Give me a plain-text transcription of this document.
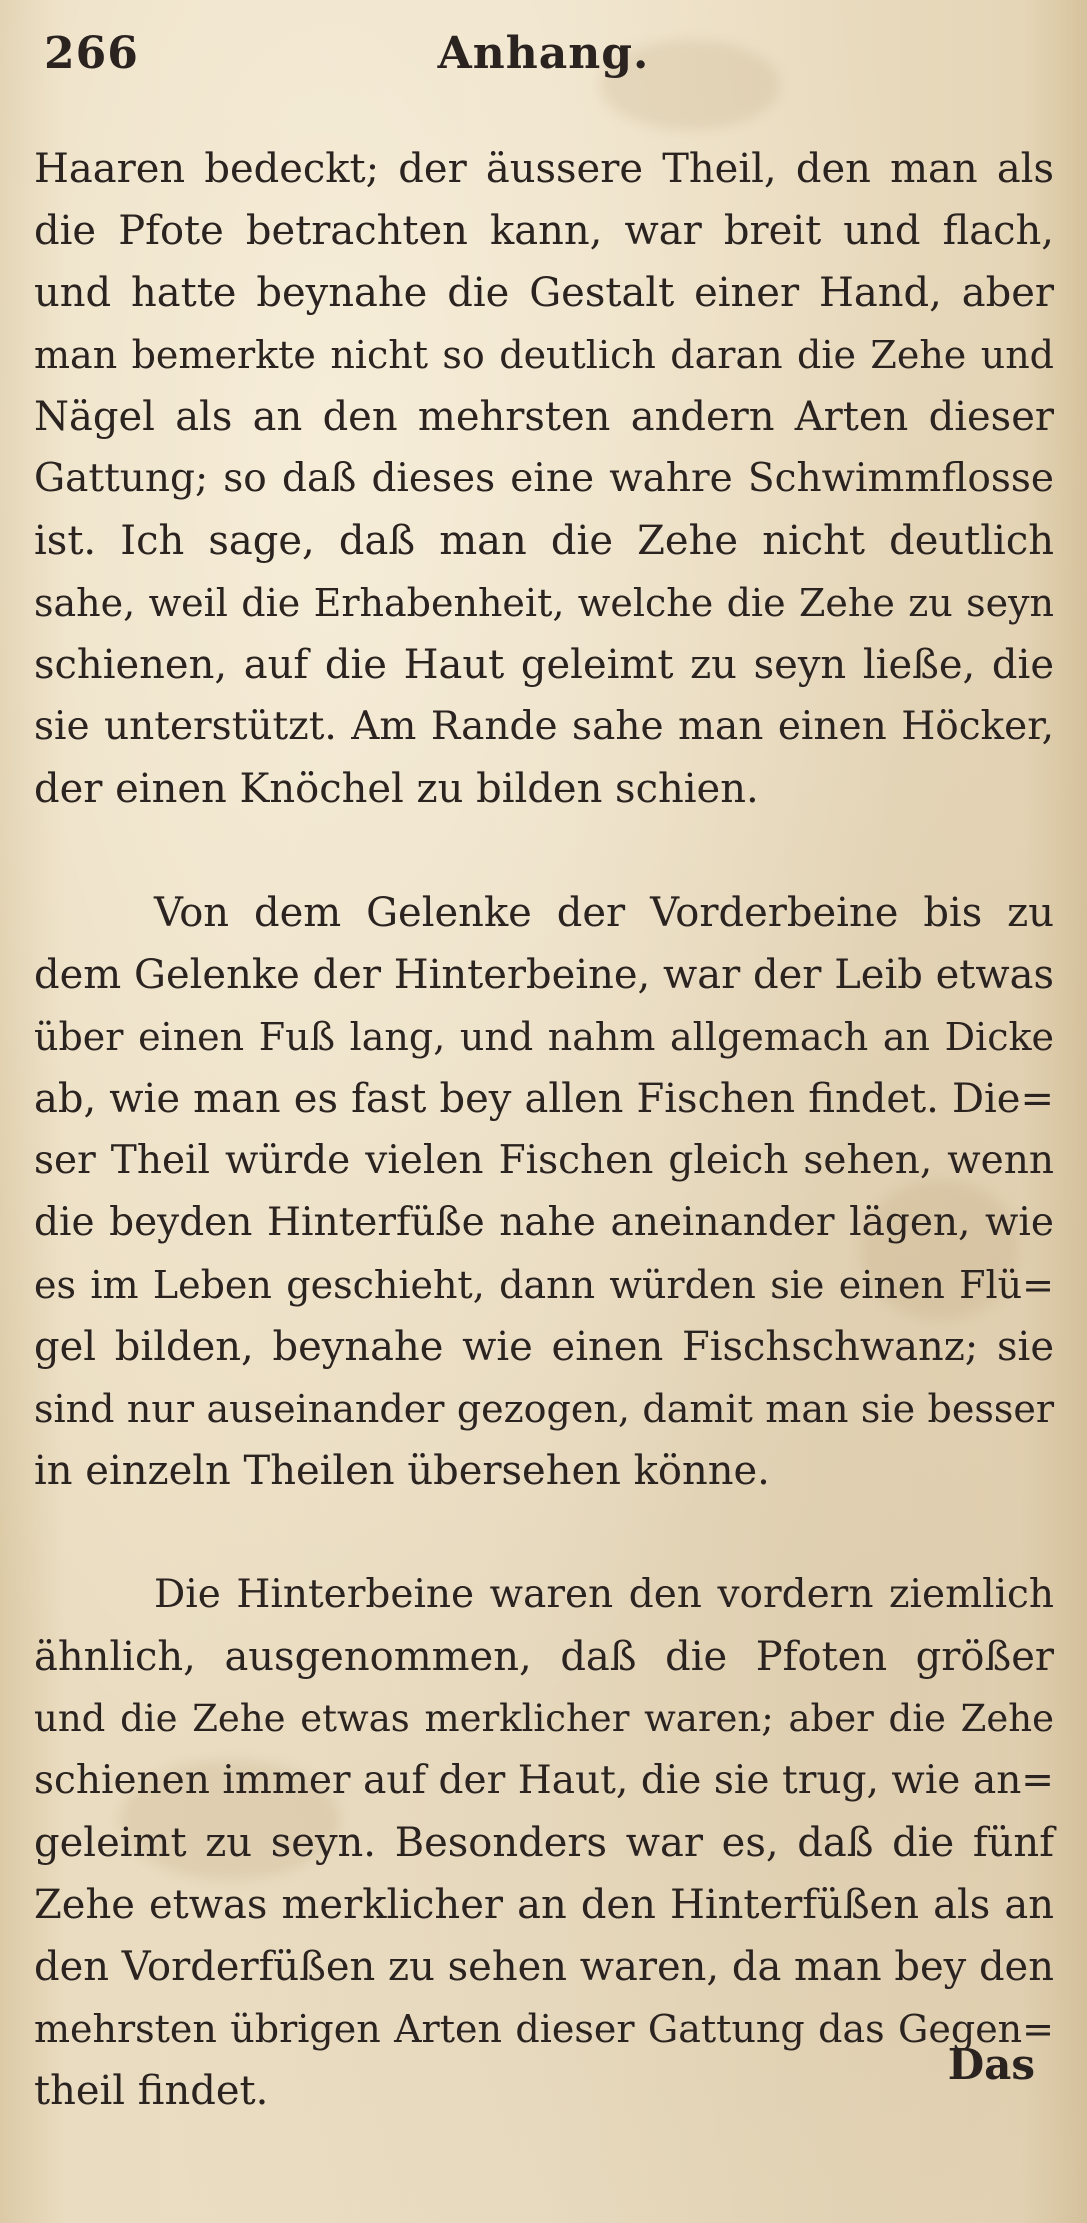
266	Anhang.
Haaren bedeckt; der äussere Theil, den man als
die Pfote betrachten kann, war breit und flach,
und hatte beynahe die Gestalt einer Hand, aber
man bemerkte nicht so deutlich daran die Zehe und
Nägel als an den mehrsten andern Arten dieser
Gattung; so daß dieses eine wahre Schwimmflosse
ist. Ich sage, daß man die Zehe nicht deutlich
sahe, weil die Erhabenheit, welche die Zehe zu seyn
schienen, auf die Haut geleimt zu seyn ließe, die
sie unterstützt. Am Rande sahe man einen Höcker,
der einen Knöchel zu bilden schien.
Von dem Gelenke der Vorderbeine bis zu
dem Gelenke der Hinterbeine, war der Leib etwas
über einen Fuß lang, und nahm allgemach an Dicke
ab, wie man es fast bey allen Fischen findet. Die=
ser Theil würde vielen Fischen gleich sehen, wenn
die beyden Hinterfüße nahe aneinander lägen, wie
es im Leben geschieht, dann würden sie einen Flü=
gel bilden, beynahe wie einen Fischschwanz; sie
sind nur auseinander gezogen, damit man sie besser
in einzeln Theilen übersehen könne.
Die Hinterbeine waren den vordern ziemlich
ähnlich, ausgenommen, daß die Pfoten größer
und die Zehe etwas merklicher waren; aber die Zehe
schienen immer auf der Haut, die sie trug, wie an=
geleimt zu seyn. Besonders war es, daß die fünf
Zehe etwas merklicher an den Hinterfüßen als an
den Vorderfüßen zu sehen waren, da man bey den
mehrsten übrigen Arten dieser Gattung das Gegen=
theil findet.
Das
